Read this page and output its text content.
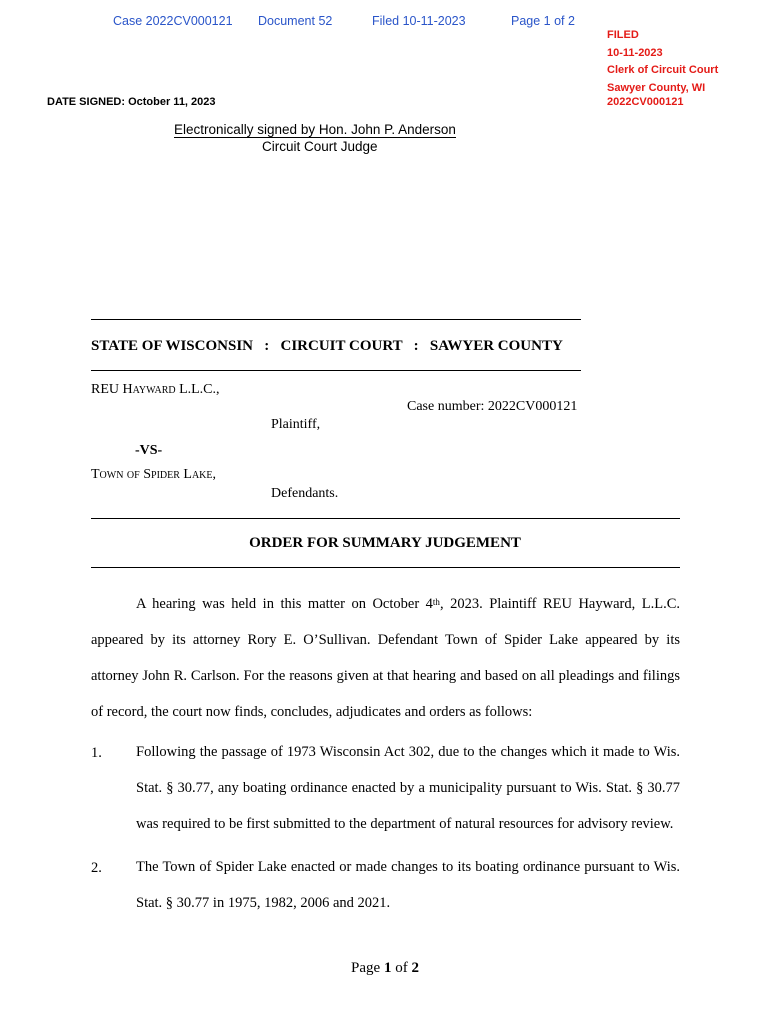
Case 2022CV000121 Document 52	Filed 10-11-2023	Page 1 of 2
FILED
10-11-2023
Clerk of Circuit Court
Sawyer County, WI
2022CV000121
DATE SIGNED: October 11, 2023
Electronically signed by Hon. John P. Anderson
Circuit Court Judge
STATE OF WISCONSIN : CIRCUIT COURT : SAWYER COUNTY
REU Hayward L.L.C.,
Case number: 2022CV000121
Plaintiff,
-VS-
Town of Spider Lake,
Defendants.
ORDER FOR SUMMARY JUDGEMENT
A hearing was held in this matter on October 4th, 2023. Plaintiff REU Hayward, L.L.C. appeared by its attorney Rory E. O’Sullivan. Defendant Town of Spider Lake appeared by its attorney John R. Carlson. For the reasons given at that hearing and based on all pleadings and filings of record, the court now finds, concludes, adjudicates and orders as follows:
1. Following the passage of 1973 Wisconsin Act 302, due to the changes which it made to Wis. Stat. § 30.77, any boating ordinance enacted by a municipality pursuant to Wis. Stat. § 30.77 was required to be first submitted to the department of natural resources for advisory review.
2. The Town of Spider Lake enacted or made changes to its boating ordinance pursuant to Wis. Stat. § 30.77 in 1975, 1982, 2006 and 2021.
Page 1 of 2
